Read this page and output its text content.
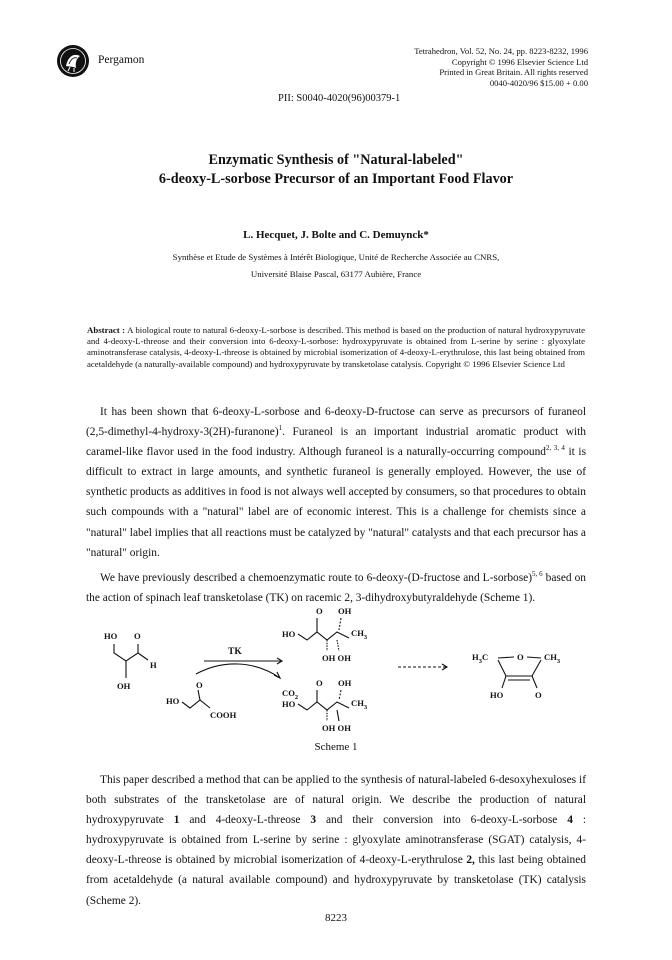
Pergamon
Tetrahedron, Vol. 52, No. 24, pp. 8223-8232, 1996
Copyright © 1996 Elsevier Science Ltd
Printed in Great Britain. All rights reserved
0040-4020/96 $15.00 + 0.00
PII: S0040-4020(96)00379-1
Enzymatic Synthesis of "Natural-labeled"
6-deoxy-L-sorbose Precursor of an Important Food Flavor
L. Hecquet, J. Bolte and C. Demuynck*
Synthèse et Etude de Systèmes à Intérêt Biologique, Unité de Recherche Associée au CNRS,
Université Blaise Pascal, 63177 Aubière, France
Abstract : A biological route to natural 6-deoxy-L-sorbose is described. This method is based on the production of natural hydroxypyruvate and 4-deoxy-L-threose and their conversion into 6-deoxy-L-sorbose: hydroxypyruvate is obtained from L-serine by serine : glyoxylate aminotransferase catalysis, 4-deoxy-L-threose is obtained by microbial isomerization of 4-deoxy-L-erythrulose, this last being obtained from acetaldehyde (a naturally-available compound) and hydroxypyruvate by transketolase catalysis. Copyright © 1996 Elsevier Science Ltd
It has been shown that 6-deoxy-L-sorbose and 6-deoxy-D-fructose can serve as precursors of furaneol (2,5-dimethyl-4-hydroxy-3(2H)-furanone)$^1$. Furaneol is an important industrial aromatic product with caramel-like flavor used in the food industry. Although furaneol is a naturally-occurring compound$^{2, 3, 4}$ it is difficult to extract in large amounts, and synthetic furaneol is generally employed. However, the use of synthetic products as additives in food is not always well accepted by consumers, so that procedures to obtain such compounds with a "natural" label are of economic interest. This is a challenge for chemists since a "natural" label implies that all reactions must be catalyzed by "natural" catalysts and that each precursor has a "natural" origin.
We have previously described a chemoenzymatic route to 6-deoxy-(D-fructose and L-sorbose)$^{5, 6}$ based on the action of spinach leaf transketolase (TK) on racemic 2, 3-dihydroxybutyraldehyde (Scheme 1).
HO O
H
OH
TK
O
HO
COOH
$CO_2$
O OH
HO	$CH_3$
OH OH
O OH
HO	$CH_3$
OH OH
$H_3C$	O $CH_3$
HO	O
Scheme 1
This paper described a method that can be applied to the synthesis of natural-labeled 6-desoxyhexuloses if both substrates of the transketolase are of natural origin. We describe the production of natural hydroxypyruvate 1 and 4-deoxy-L-threose 3 and their conversion into 6-deoxy-L-sorbose 4 : hydroxypyruvate is obtained from L-serine by serine : glyoxylate aminotransferase (SGAT) catalysis, 4-deoxy-L-threose is obtained by microbial isomerization of 4-deoxy-L-erythrulose 2, this last being obtained from acetaldehyde (a natural available compound) and hydroxypyruvate by transketolase (TK) catalysis (Scheme 2).
8223
